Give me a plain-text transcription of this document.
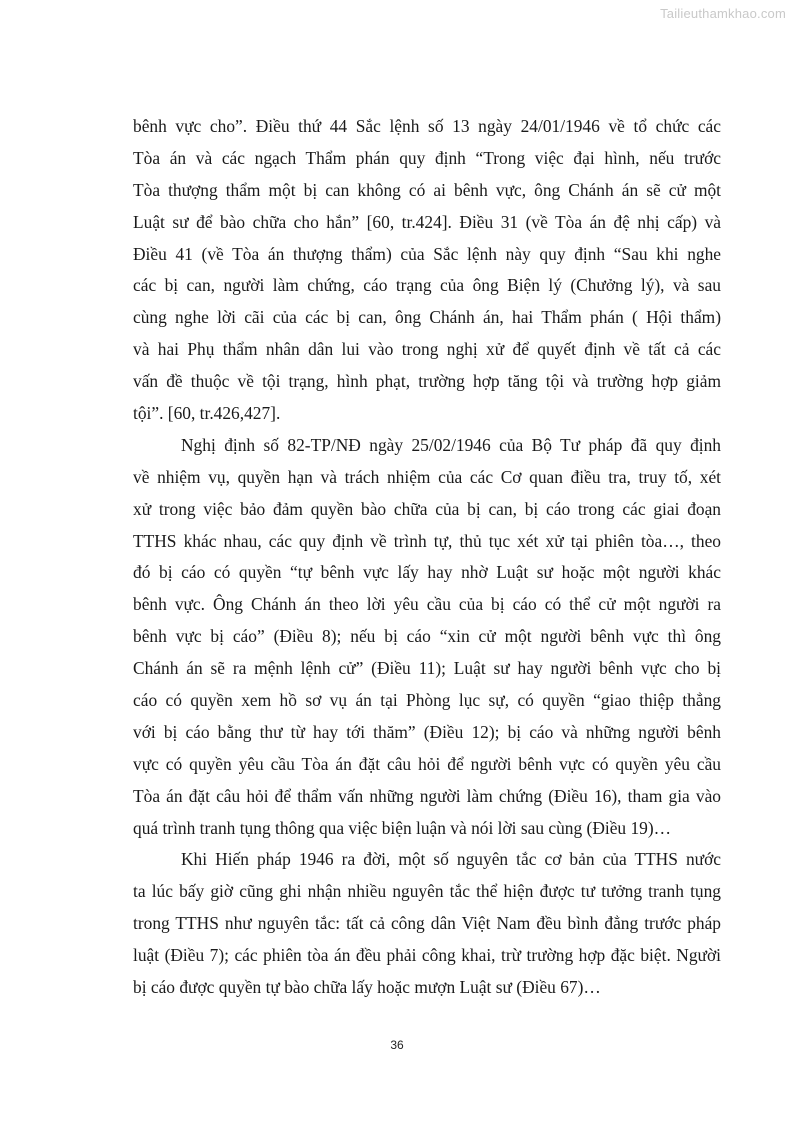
Tailieuthamkhao.com
bênh vực cho”. Điều thứ 44 Sắc lệnh số 13 ngày 24/01/1946 về tổ chức các
Tòa án và các ngạch Thẩm phán quy định “Trong việc đại hình, nếu trước
Tòa thượng thẩm một bị can không có ai bênh vực, ông Chánh án sẽ cử một
Luật sư để bào chữa cho hắn” [60, tr.424]. Điều 31 (về Tòa án đệ nhị cấp) và
Điều 41 (về Tòa án thượng thẩm) của Sắc lệnh này quy định “Sau khi nghe
các bị can, người làm chứng, cáo trạng của ông Biện lý (Chưởng lý), và sau
cùng nghe lời cãi của các bị can, ông Chánh án, hai Thẩm phán ( Hội thẩm)
và hai Phụ thẩm nhân dân lui vào trong nghị xử để quyết định về tất cả các
vấn đề thuộc về tội trạng, hình phạt, trường hợp tăng tội và trường hợp giảm
tội”. [60, tr.426,427].
Nghị định số 82-TP/NĐ ngày 25/02/1946 của Bộ Tư pháp đã quy định
về nhiệm vụ, quyền hạn và trách nhiệm của các Cơ quan điều tra, truy tố, xét
xử trong việc bảo đảm quyền bào chữa của bị can, bị cáo trong các giai đoạn
TTHS khác nhau, các quy định về trình tự, thủ tục xét xử tại phiên tòa…, theo
đó bị cáo có quyền “tự bênh vực lấy hay nhờ Luật sư hoặc một người khác
bênh vực. Ông Chánh án theo lời yêu cầu của bị cáo có thể cử một người ra
bênh vực bị cáo” (Điều 8); nếu bị cáo “xin cử một người bênh vực thì ông
Chánh án sẽ ra mệnh lệnh cử” (Điều 11); Luật sư hay người bênh vực cho bị
cáo có quyền xem hồ sơ vụ án tại Phòng lục sự, có quyền “giao thiệp thẳng
với bị cáo bằng thư từ hay tới thăm” (Điều 12); bị cáo và những người bênh
vực có quyền yêu cầu Tòa án đặt câu hỏi để người bênh vực có quyền yêu cầu
Tòa án đặt câu hỏi để thẩm vấn những người làm chứng (Điều 16), tham gia vào
quá trình tranh tụng thông qua việc biện luận và nói lời sau cùng (Điều 19)…
Khi Hiến pháp 1946 ra đời, một số nguyên tắc cơ bản của TTHS nước
ta lúc bấy giờ cũng ghi nhận nhiều nguyên tắc thể hiện được tư tưởng tranh tụng
trong TTHS như nguyên tắc: tất cả công dân Việt Nam đều bình đẳng trước pháp
luật (Điều 7); các phiên tòa án đều phải công khai, trừ trường hợp đặc biệt. Người
bị cáo được quyền tự bào chữa lấy hoặc mượn Luật sư (Điều 67)…
36
